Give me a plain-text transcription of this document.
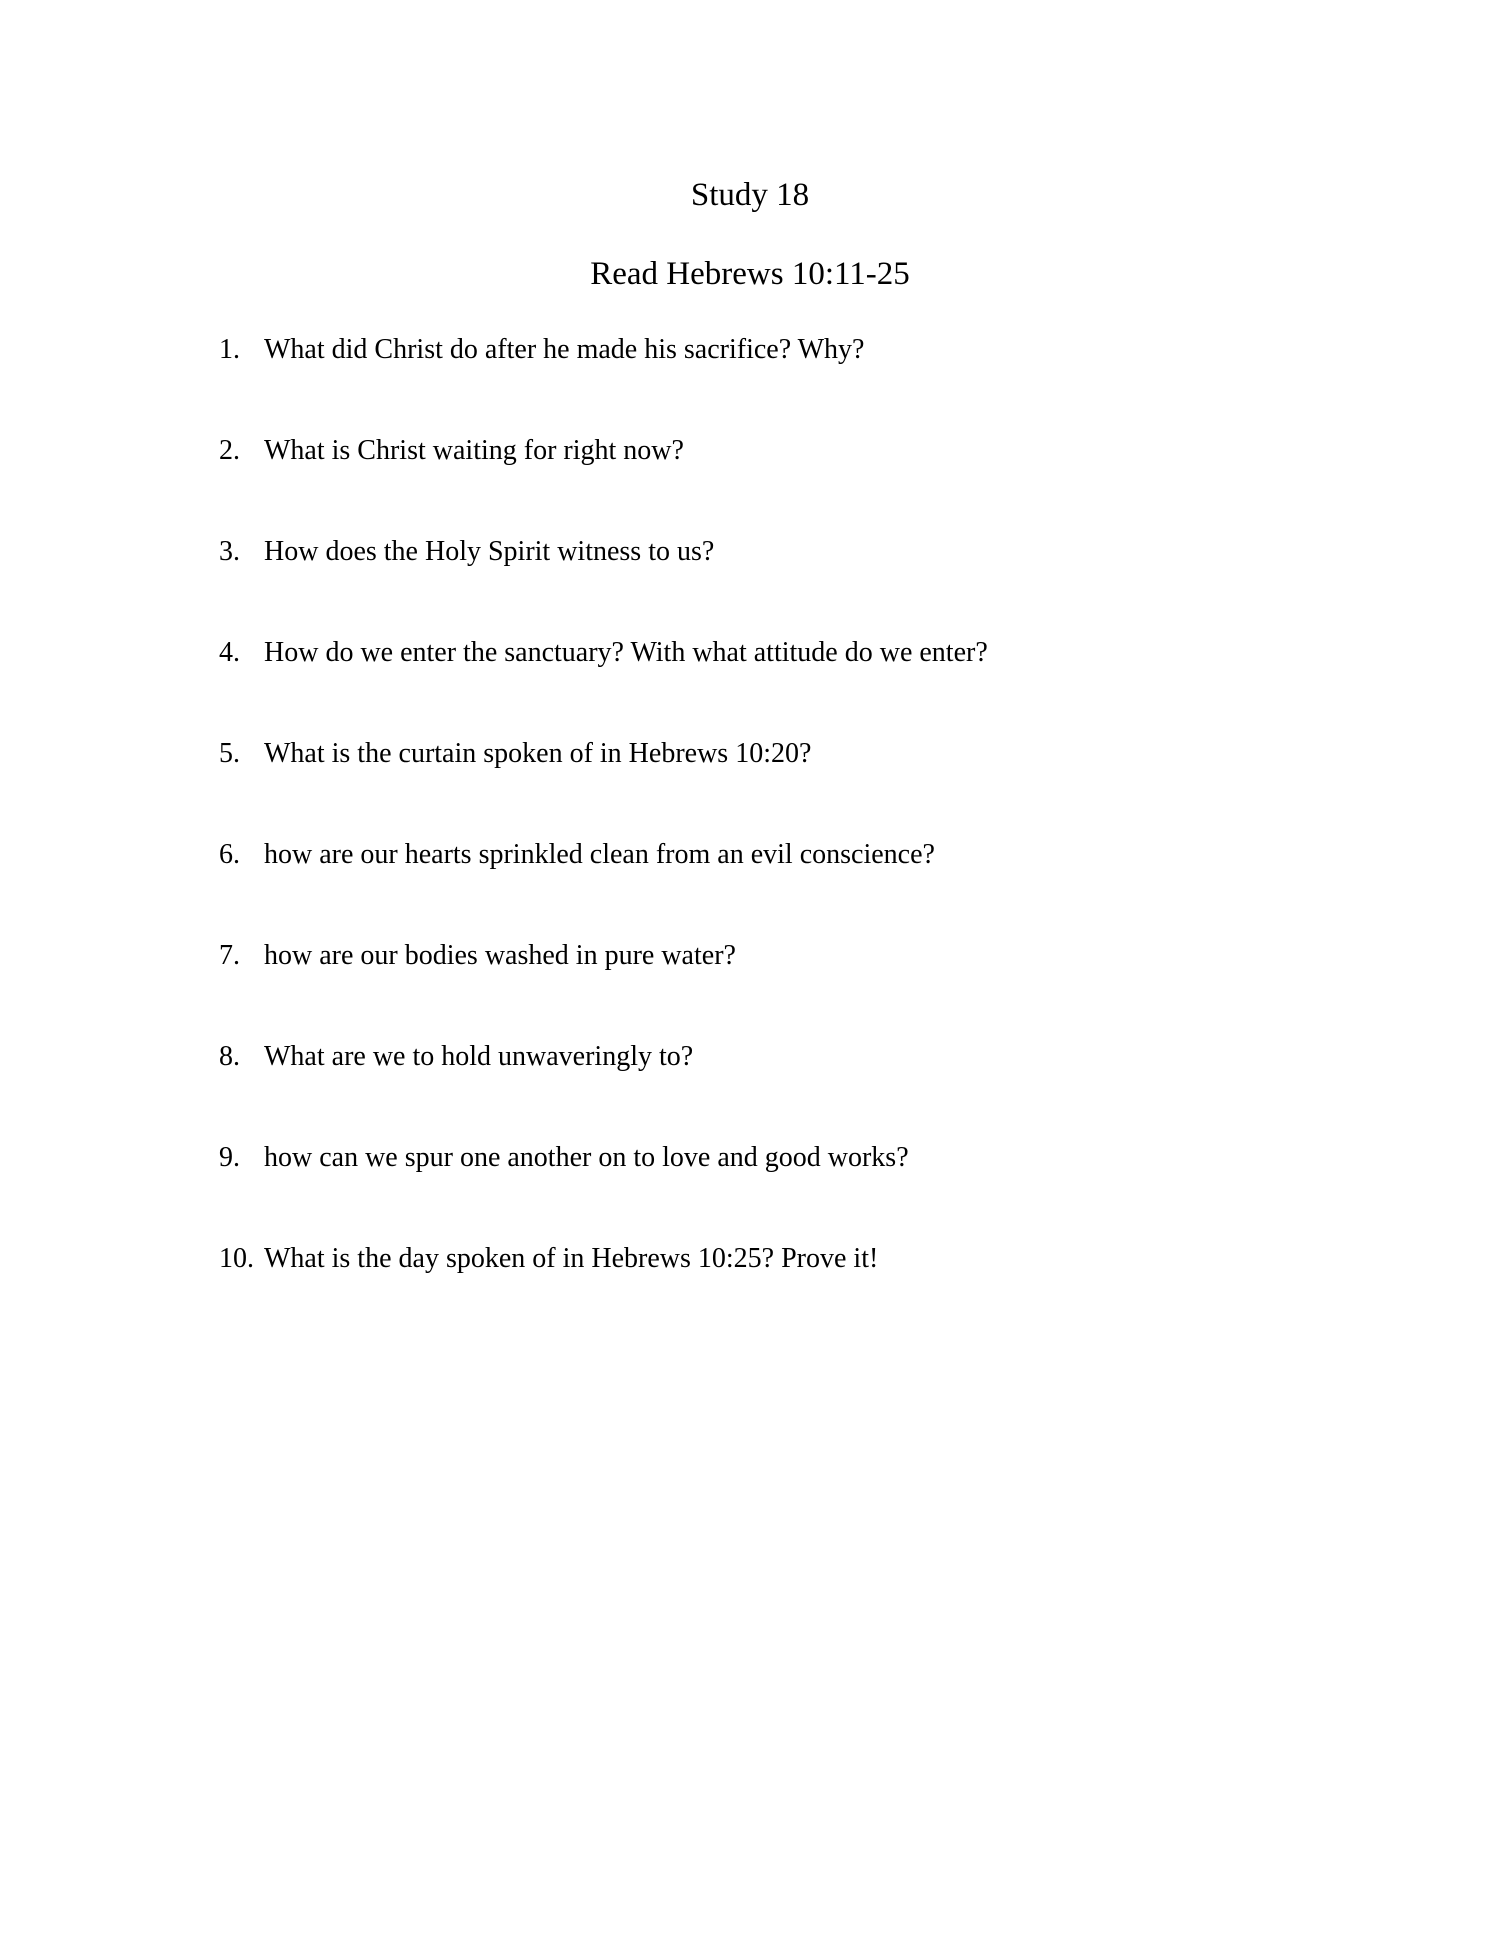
Study 18
Read Hebrews 10:11-25
1. What did Christ do after he made his sacrifice? Why?
2. What is Christ waiting for right now?
3. How does the Holy Spirit witness to us?
4. How do we enter the sanctuary? With what attitude do we enter?
5. What is the curtain spoken of in Hebrews 10:20?
6. how are our hearts sprinkled clean from an evil conscience?
7. how are our bodies washed in pure water?
8. What are we to hold unwaveringly to?
9. how can we spur one another on to love and good works?
10. What is the day spoken of in Hebrews 10:25? Prove it!
